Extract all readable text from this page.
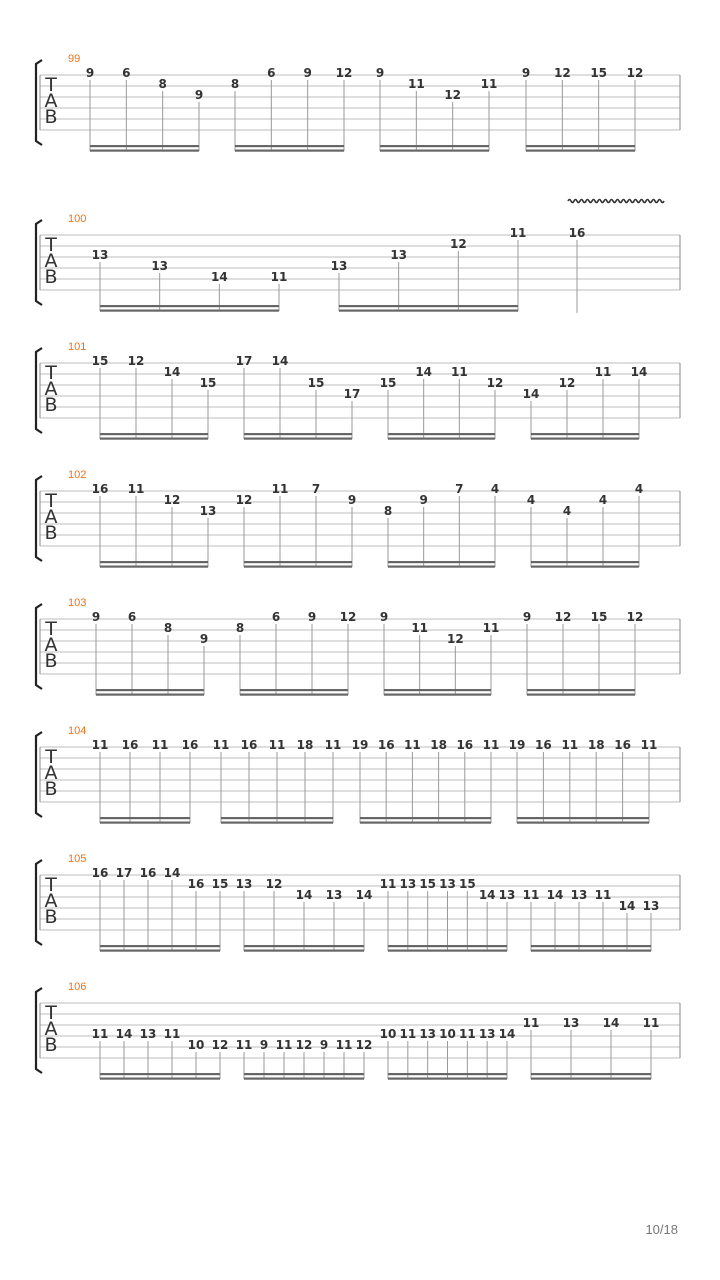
99
T
A
B
9 6
8
9
8
6 9 12 9
11
12
11
9 12 15 12
100
T
A
B
13
13
14	11
13
13
12
11	16
101
T
A
B
15 12
14
15
17 14
15
17
15
14 11
12
14
12
11 14
102
T
A
B
16 11
12
13
12
11 7
9
8
9
7 4
4
4
4
4
103
T
A
B
9 6
8
9
8
6 9 12 9
11
12
11
9 12 15 12
104
T
A
B
11 16 11 16 11 16 11 18 11 19 16 11 18 16 11 19 16 11 18 16 11
105
T
A
B
16 17 16 14
16 15 13 12
14 13 14
11 13 15 13 15
14 13 11 14 13 11
14 13
106
T
A
B	11 14 13 11
10 12 11 9 11 12 9 11 12
10 11 13 10 11 13 14
11 13 14 11
10/18
